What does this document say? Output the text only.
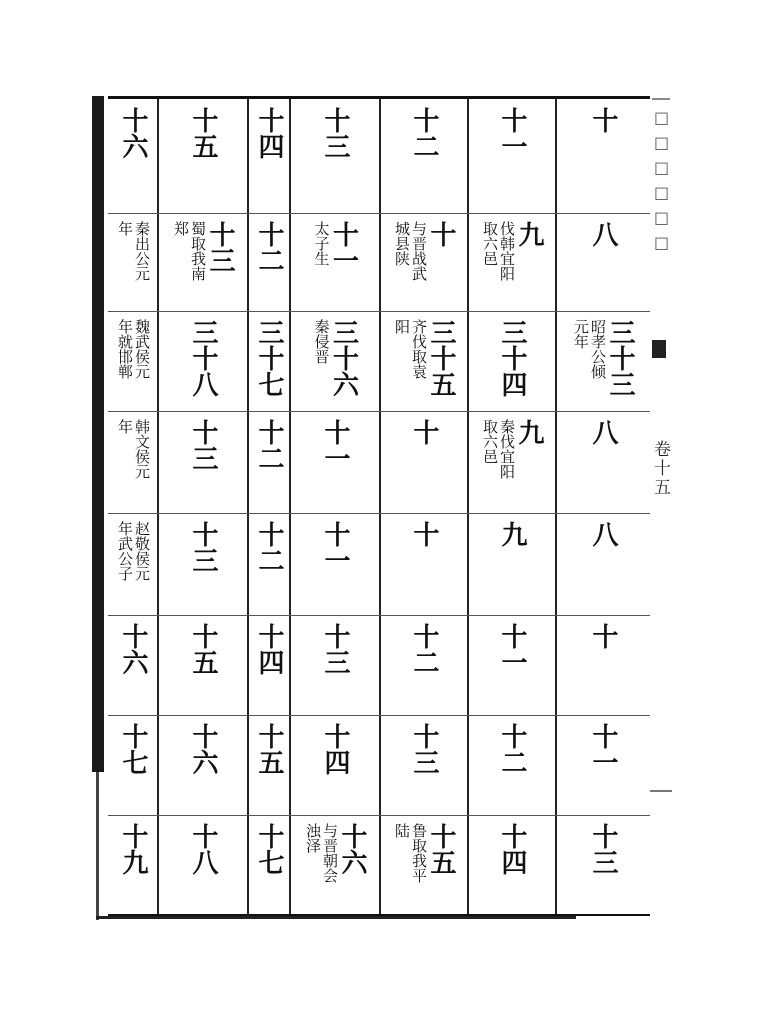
十
八
三十三
昭孝公倾
元年
八
八
十
十一
十三
十一
九
伐韩宜阳
取六邑
三十四
九
秦伐宜阳
取六邑
九
十一
十二
十四
十二
十
与晋战武
城县陕
三十五
齐伐取袁
阳
十
十
十二
十三
十五
鲁取我平
陆
十三
十一
太子生
三十六
秦侵晋
十一
十一
十三
十四
十六
与晋朝会
浊泽
十四
十二
三十七
十二
十二
十四
十五
十七
十五
十三
蜀取我南
郑
三十八
十三
十三
十五
十六
十八
十六
秦出公元
年
魏武侯元
年就邯郸
韩文侯元
年
赵敬侯元
年武公子
十六
十七
十九
□□□□□□
卷十五
